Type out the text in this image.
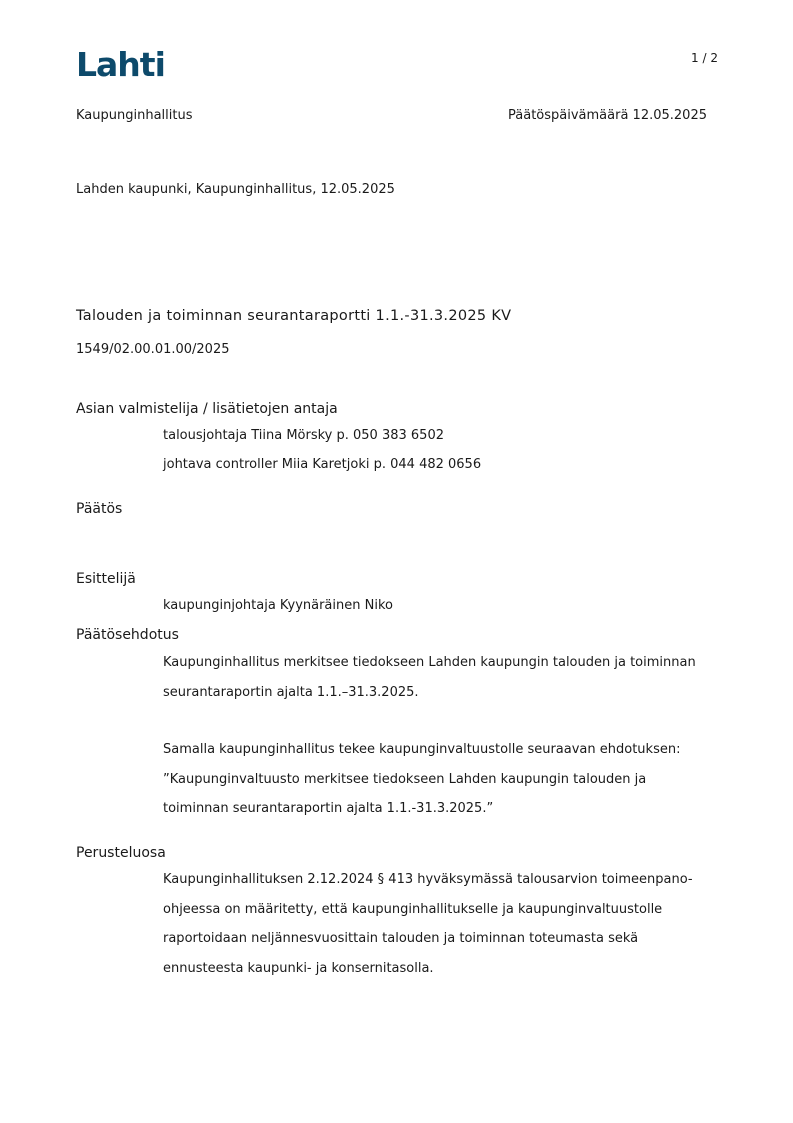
Lahti	1 / 2
Kaupunginhallitus	Päätöspäivämäärä 12.05.2025
Lahden kaupunki, Kaupunginhallitus, 12.05.2025
Talouden ja toiminnan seurantaraportti 1.1.-31.3.2025 KV
1549/02.00.01.00/2025
Asian valmistelija / lisätietojen antaja
talousjohtaja Tiina Mörsky p. 050 383 6502
johtava controller Miia Karetjoki p. 044 482 0656
Päätös
Esittelijä
kaupunginjohtaja Kyynäräinen Niko
Päätösehdotus
Kaupunginhallitus merkitsee tiedokseen Lahden kaupungin talouden ja toiminnan
seurantaraportin ajalta 1.1.–31.3.2025.
Samalla kaupunginhallitus tekee kaupunginvaltuustolle seuraavan ehdotuksen:
”Kaupunginvaltuusto merkitsee tiedokseen Lahden kaupungin talouden ja
toiminnan seurantaraportin ajalta 1.1.-31.3.2025.”
Perusteluosa
Kaupunginhallituksen 2.12.2024 § 413 hyväksymässä talousarvion toimeenpano-
ohjeessa on määritetty, että kaupunginhallitukselle ja kaupunginvaltuustolle
raportoidaan neljännesvuosittain talouden ja toiminnan toteumasta sekä
ennusteesta kaupunki- ja konsernitasolla.
